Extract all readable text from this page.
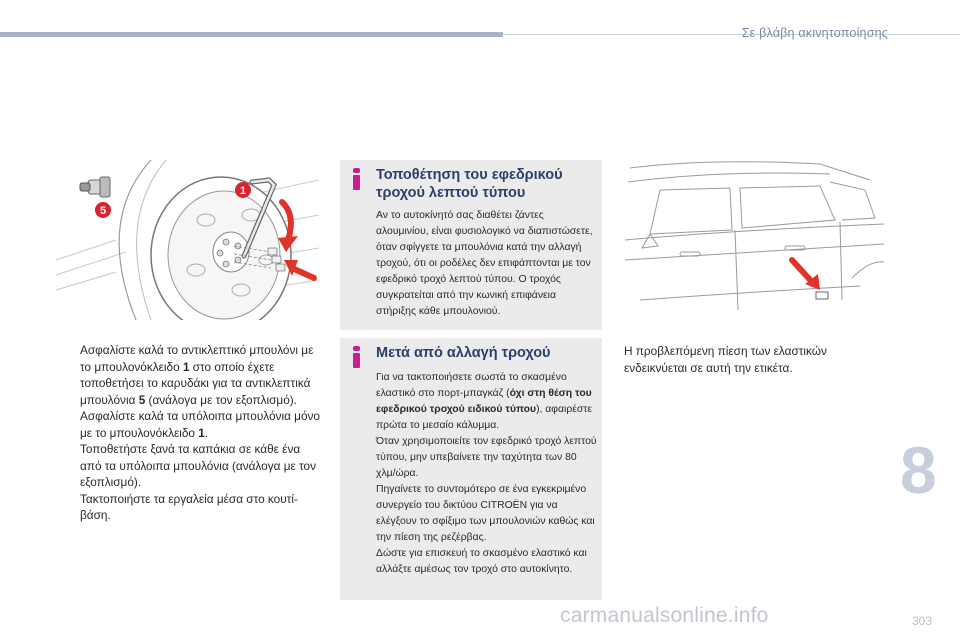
Σε βλάβη ακινητοποίησης
1
5
Ασφαλίστε καλά το αντικλεπτικό μπουλόνι με το μπουλονόκλειδο 1 στο οποίο έχετε τοποθετήσει το καρυδάκι για τα αντικλεπτικά μπουλόνια 5 (ανάλογα με τον εξοπλισμό).
Ασφαλίστε καλά τα υπόλοιπα μπουλόνια μόνο με το μπουλονόκλειδο 1.
Τοποθετήστε ξανά τα καπάκια σε κάθε ένα από τα υπόλοιπα μπουλόνια (ανάλογα με τον εξοπλισμό).
Τακτοποιήστε τα εργαλεία μέσα στο κουτί-βάση.
Τοποθέτηση του εφεδρικού τροχού λεπτού τύπου
Αν το αυτοκίνητό σας διαθέτει ζάντες αλουμινίου, είναι φυσιολογικό να διαπιστώσετε, όταν σφίγγετε τα μπουλόνια κατά την αλλαγή τροχού, ότι οι ροδέλες δεν επιφάπτονται με τον εφεδρικό τροχό λεπτού τύπου. Ο τροχός συγκρατείται από την κωνική επιφάνεια στήριξης κάθε μπουλονιού.
Μετά από αλλαγή τροχού
Για να τακτοποιήσετε σωστά το σκασμένο ελαστικό στο πορτ-μπαγκάζ (όχι στη θέση του εφεδρικού τροχού ειδικού τύπου), αφαιρέστε πρώτα το μεσαίο κάλυμμα.
Όταν χρησιμοποιείτε τον εφεδρικό τροχό λεπτού τύπου, μην υπεβαίνετε την ταχύτητα των 80 χλμ/ώρα.
Πηγαίνετε το συντομότερο σε ένα εγκεκριμένο συνεργείο του δικτύου CITROËN για να ελέγξουν το σφίξιμο των μπουλονιών καθώς και την πίεση της ρεζέρβας.
Δώστε για επισκευή το σκασμένο ελαστικό και αλλάξτε αμέσως τον τροχό στο αυτοκίνητο.
Η προβλεπόμενη πίεση των ελαστικών ενδεικνύεται σε αυτή την ετικέτα.
8
303
carmanualsonline.info
